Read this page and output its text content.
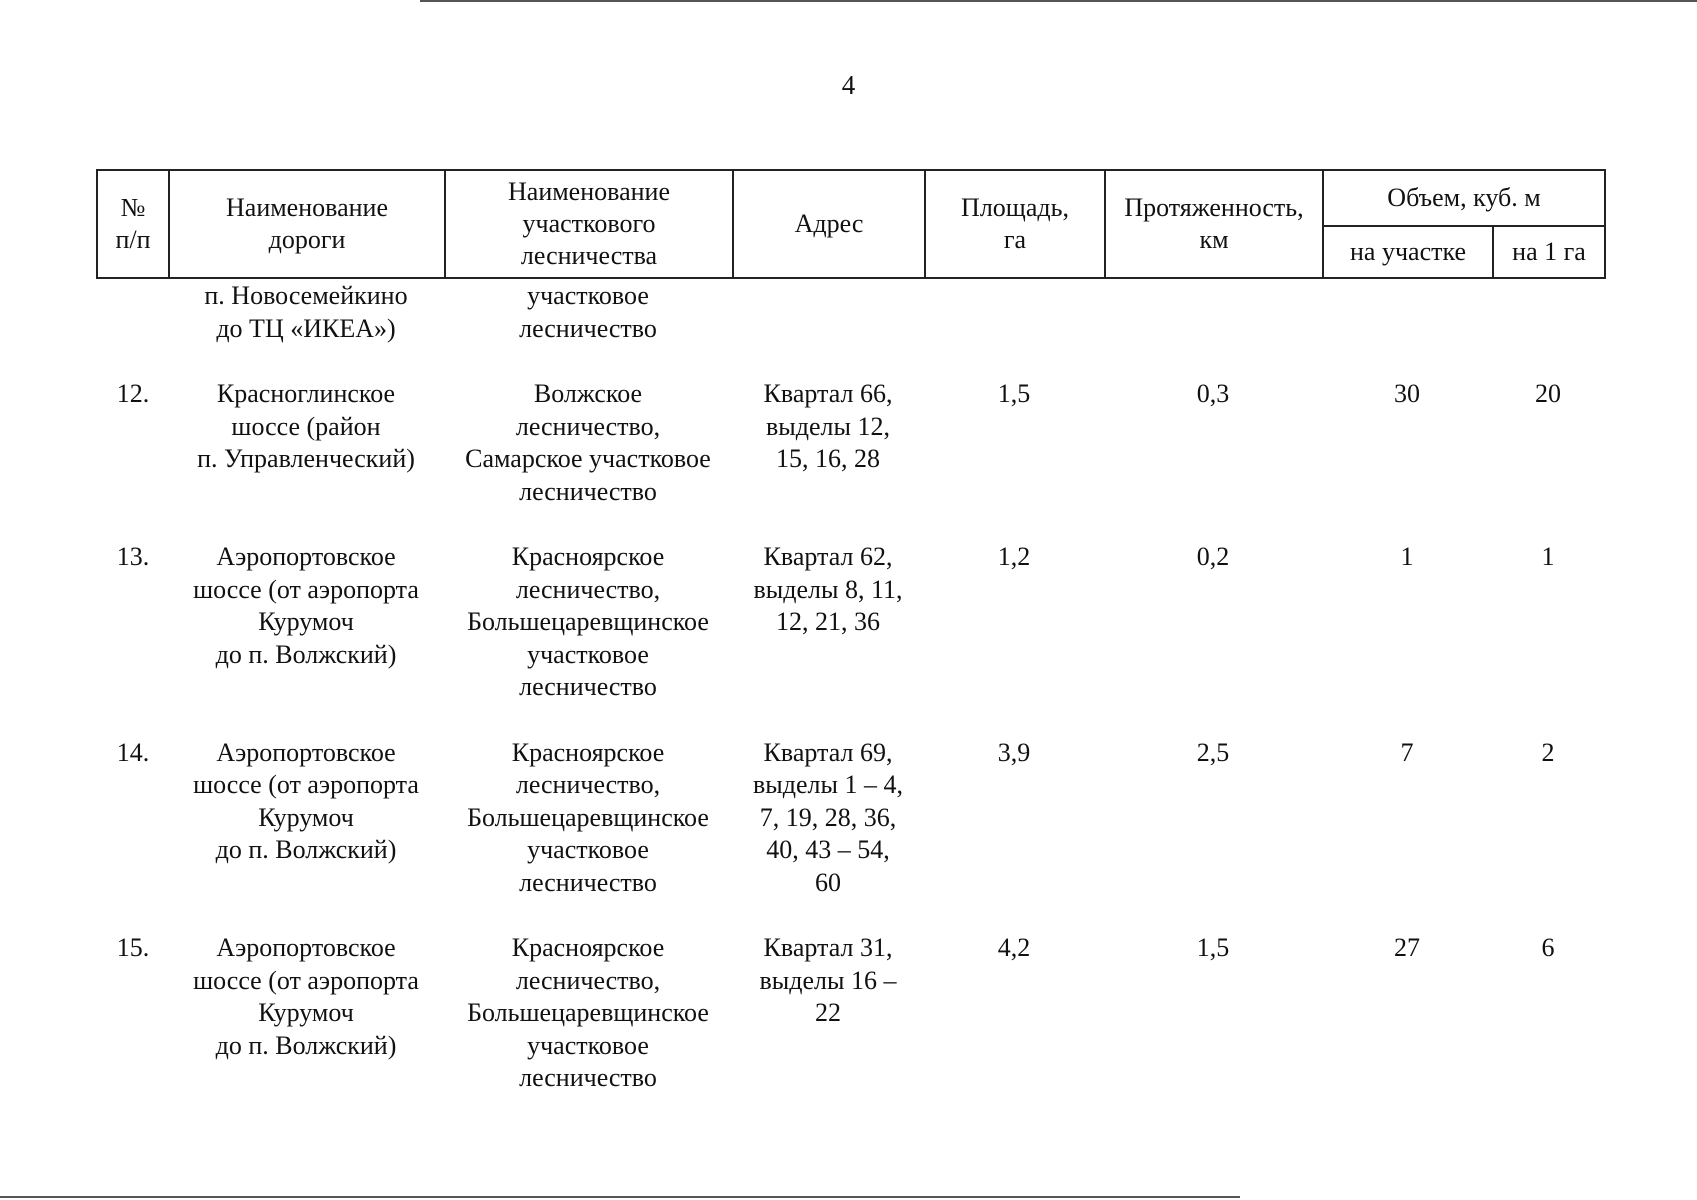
4
№
п/п	Наименование
дороги	Наименование
участкового
лесничества	Адрес	Площадь,
га	Протяженность,
км	Объем, куб. м	
						на участке	на 1 га
	п. Новосемейкино
до ТЦ «ИКЕА»)	участковое
лесничество					
12.	Красноглинское
шоссе (район
п. Управленческий)	Волжское
лесничество,
Самарское участковое
лесничество	Квартал 66,
выделы 12,
15, 16, 28	1,5	0,3	30	20
13.	Аэропортовское
шоссе (от аэропорта
Курумоч
до п. Волжский)	Красноярское
лесничество,
Большецаревщинское
участковое
лесничество	Квартал 62,
выделы 8, 11,
12, 21, 36	1,2	0,2	1	1
14.	Аэропортовское
шоссе (от аэропорта
Курумоч
до п. Волжский)	Красноярское
лесничество,
Большецаревщинское
участковое
лесничество	Квартал 69,
выделы 1 – 4,
7, 19, 28, 36,
40, 43 – 54,
60	3,9	2,5	7	2
15.	Аэропортовское
шоссе (от аэропорта
Курумоч
до п. Волжский)	Красноярское
лесничество,
Большецаревщинское
участковое
лесничество	Квартал 31,
выделы 16 –
22	4,2	1,5	27	6
